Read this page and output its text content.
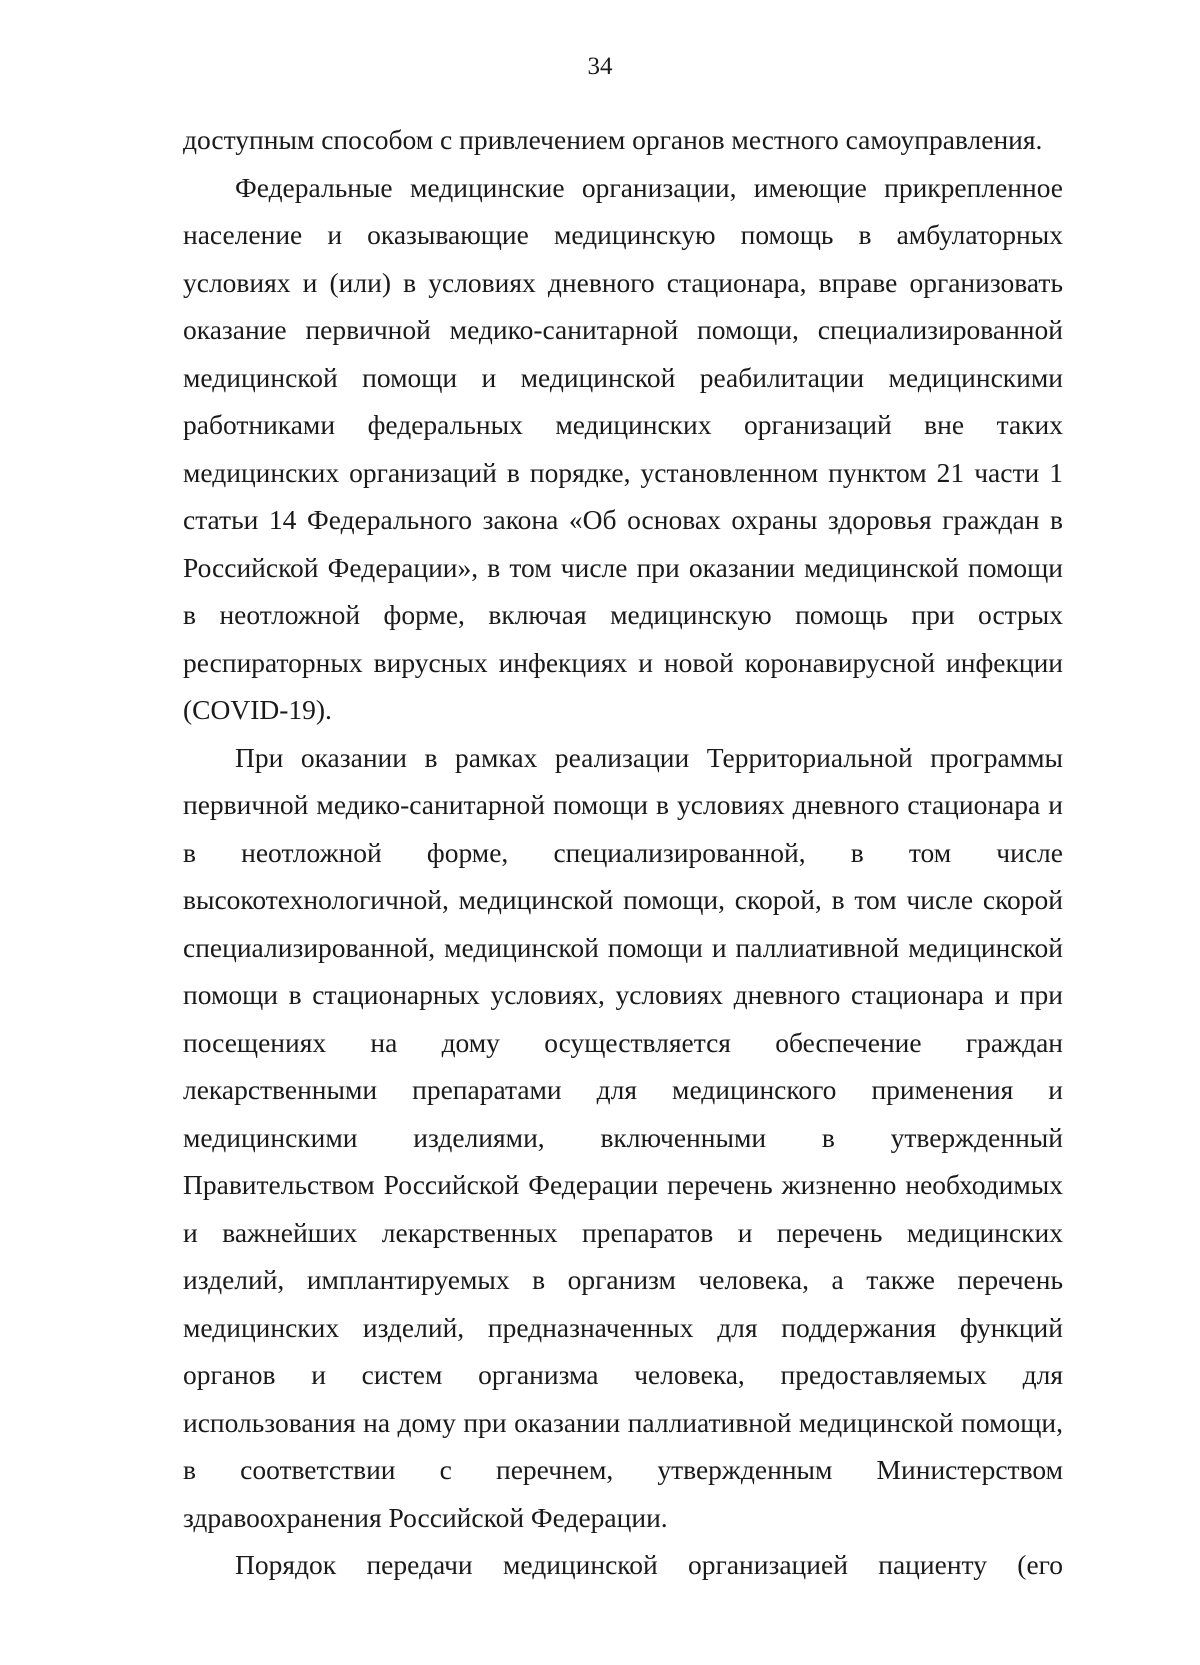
34

доступным способом с привлечением органов местного самоуправления.

Федеральные медицинские организации, имеющие прикрепленное население и оказывающие медицинскую помощь в амбулаторных условиях и (или) в условиях дневного стационара, вправе организовать оказание первичной медико-санитарной помощи, специализированной медицинской помощи и медицинской реабилитации медицинскими работниками федеральных медицинских организаций вне таких медицинских организаций в порядке, установленном пунктом 21 части 1 статьи 14 Федерального закона «Об основах охраны здоровья граждан в Российской Федерации», в том числе при оказании медицинской помощи в неотложной форме, включая медицинскую помощь при острых респираторных вирусных инфекциях и новой коронавирусной инфекции (COVID-19).

При оказании в рамках реализации Территориальной программы первичной медико-санитарной помощи в условиях дневного стационара и в неотложной форме, специализированной, в том числе высокотехнологичной, медицинской помощи, скорой, в том числе скорой специализированной, медицинской помощи и паллиативной медицинской помощи в стационарных условиях, условиях дневного стационара и при посещениях на дому осуществляется обеспечение граждан лекарственными препаратами для медицинского применения и медицинскими изделиями, включенными в утвержденный Правительством Российской Федерации перечень жизненно необходимых и важнейших лекарственных препаратов и перечень медицинских изделий, имплантируемых в организм человека, а также перечень медицинских изделий, предназначенных для поддержания функций органов и систем организма человека, предоставляемых для использования на дому при оказании паллиативной медицинской помощи, в соответствии с перечнем, утвержденным Министерством здравоохранения Российской Федерации.

Порядок передачи медицинской организацией пациенту (его
